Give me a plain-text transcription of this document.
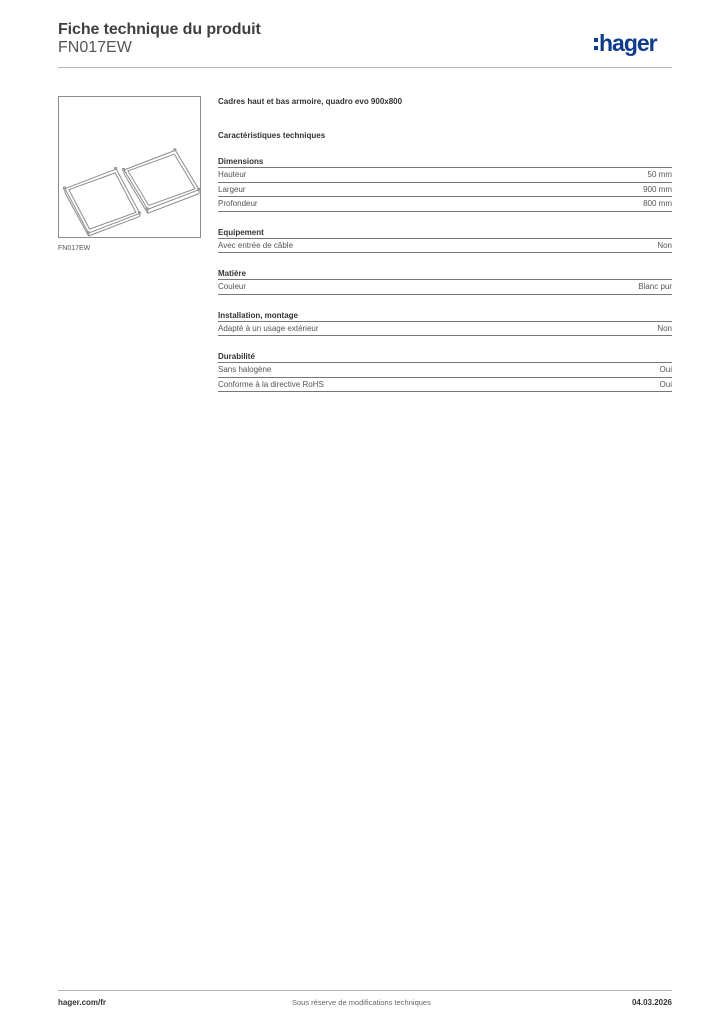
Fiche technique du produit
FN017EW	hager
FN017EW
Cadres haut et bas armoire, quadro evo 900x800
Caractéristiques techniques
Dimensions
Hauteur	50 mm
Largeur	900 mm
Profondeur	800 mm
Equipement
Avec entrée de câble	Non
Matière
Couleur	Blanc pur
Installation, montage
Adapté à un usage extérieur	Non
Durabilité
Sans halogène	Oui
Conforme à la directive RoHS	Oui
hager.com/fr	Sous réserve de modifications techniques	04.03.2026
